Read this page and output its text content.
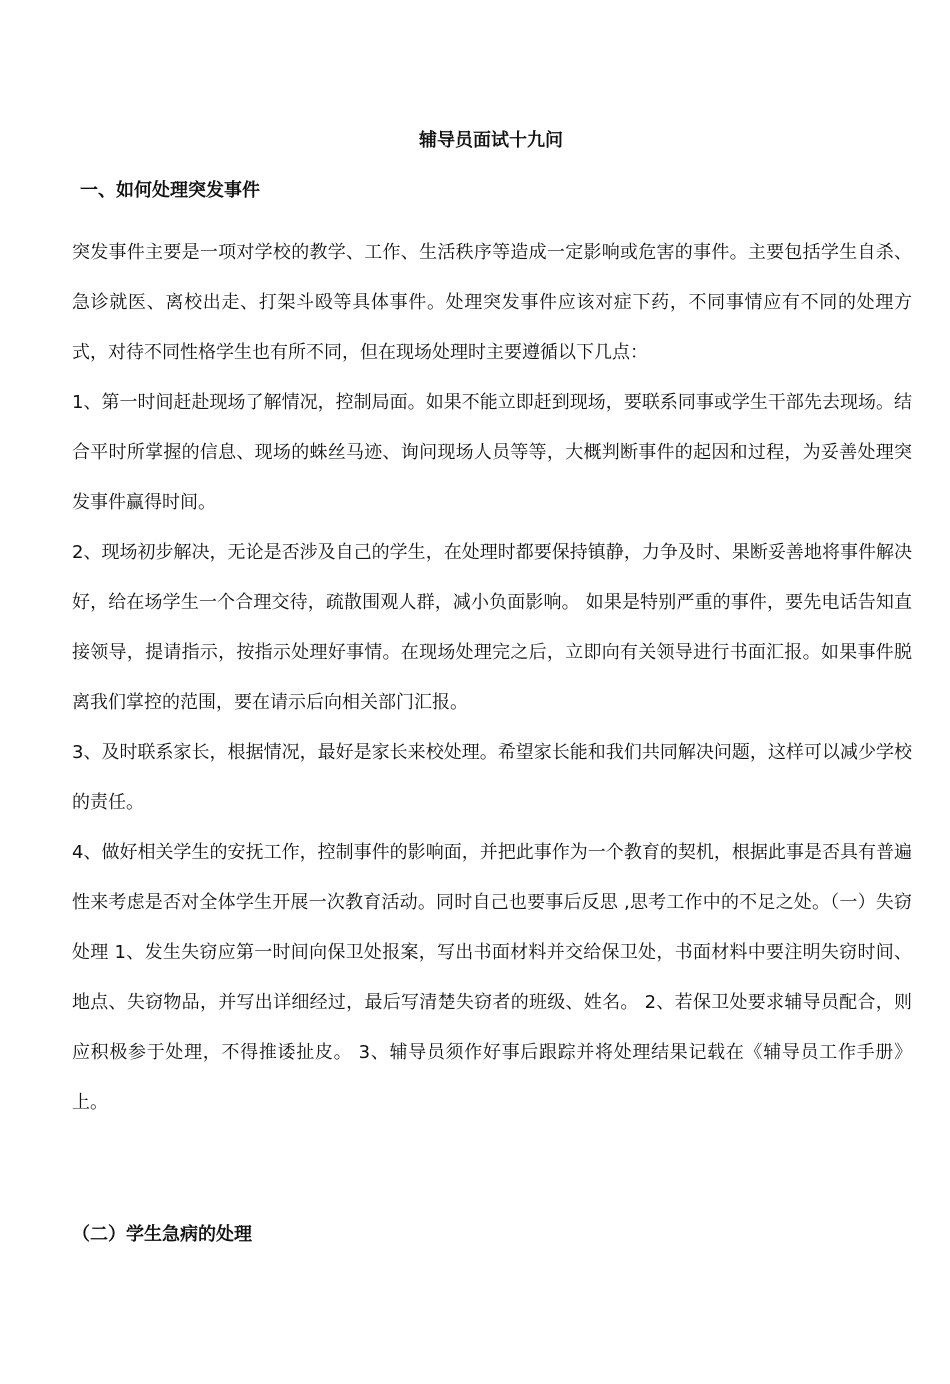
辅导员面试十九问
一、如何处理突发事件

突发事件主要是一项对学校的教学、工作、生活秩序等造成一定影响或危害的事件。主要包括学生自杀、急诊就医、离校出走、打架斗殴等具体事件。处理突发事件应该对症下药，不同事情应有不同的处理方式，对待不同性格学生也有所不同，但在现场处理时主要遵循以下几点：

1、第一时间赶赴现场了解情况，控制局面。如果不能立即赶到现场，要联系同事或学生干部先去现场。结合平时所掌握的信息、现场的蛛丝马迹、询问现场人员等等，大概判断事件的起因和过程，为妥善处理突发事件赢得时间。

2、现场初步解决，无论是否涉及自己的学生，在处理时都要保持镇静，力争及时、果断妥善地将事件解决好，给在场学生一个合理交待，疏散围观人群，减小负面影响。 如果是特别严重的事件，要先电话告知直接领导，提请指示，按指示处理好事情。在现场处理完之后，立即向有关领导进行书面汇报。如果事件脱离我们掌控的范围，要在请示后向相关部门汇报。

3、及时联系家长，根据情况，最好是家长来校处理。希望家长能和我们共同解决问题，这样可以减少学校的责任。

4、做好相关学生的安抚工作，控制事件的影响面，并把此事作为一个教育的契机，根据此事是否具有普遍性来考虑是否对全体学生开展一次教育活动。同时自己也要事后反思 ,思考工作中的不足之处。（一）失窃处理 1、发生失窃应第一时间向保卫处报案，写出书面材料并交给保卫处，书面材料中要注明失窃时间、地点、失窃物品，并写出详细经过，最后写清楚失窃者的班级、姓名。 2、若保卫处要求辅导员配合，则应积极参于处理，不得推诿扯皮。 3、辅导员须作好事后跟踪并将处理结果记载在《辅导员工作手册》上。

（二）学生急病的处理
